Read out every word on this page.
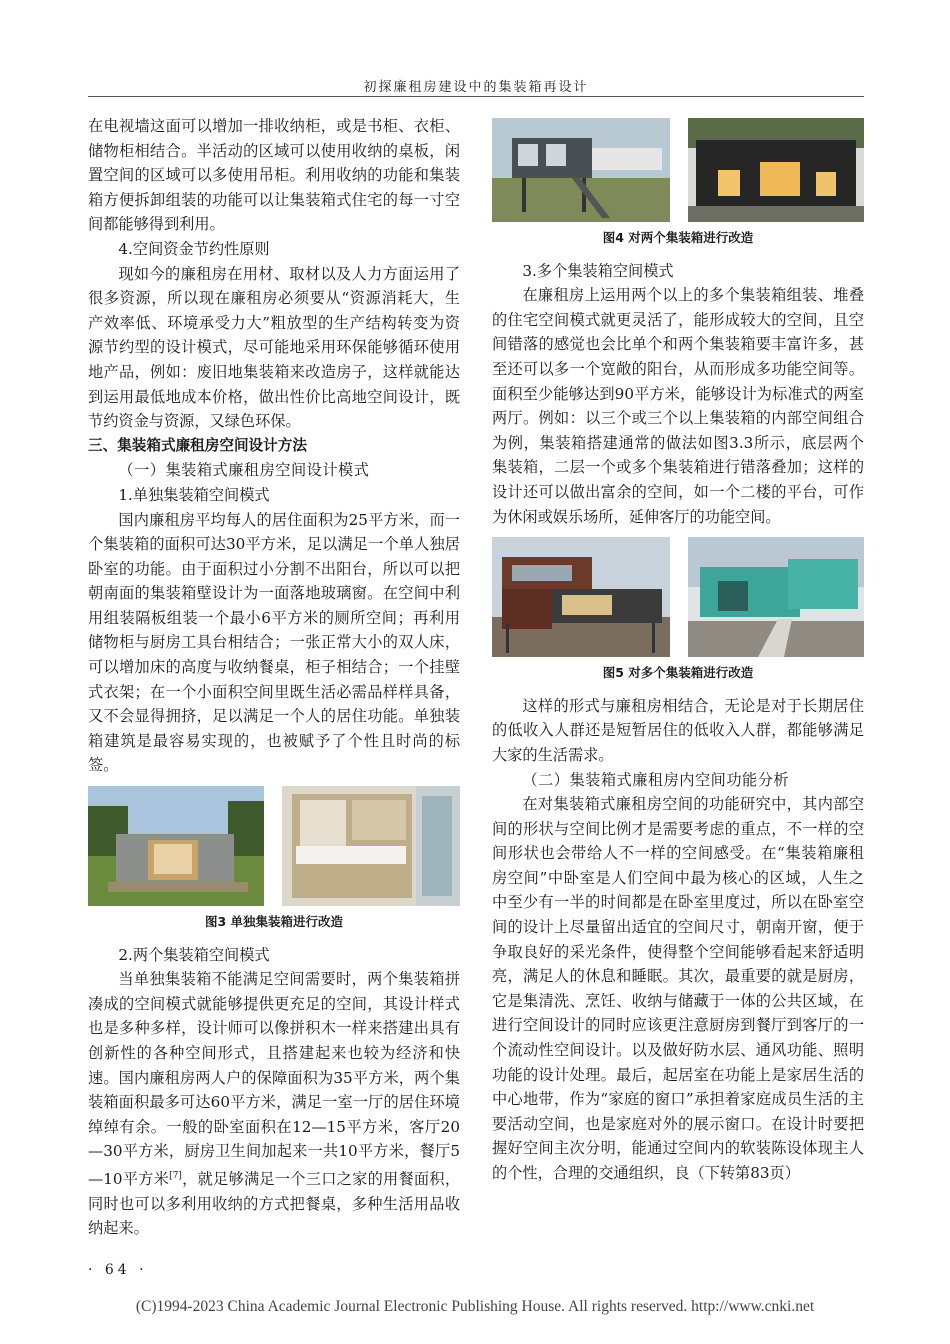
初探廉租房建设中的集装箱再设计

在电视墙这面可以增加一排收纳柜，或是书柜、衣柜、储物柜相结合。半活动的区域可以使用收纳的桌板，闲置空间的区域可以多使用吊柜。利用收纳的功能和集装箱方便拆卸组装的功能可以让集装箱式住宅的每一寸空间都能够得到利用。

4.空间资金节约性原则

现如今的廉租房在用材、取材以及人力方面运用了很多资源，所以现在廉租房必须要从“资源消耗大，生产效率低、环境承受力大”粗放型的生产结构转变为资源节约型的设计模式，尽可能地采用环保能够循环使用地产品，例如：废旧地集装箱来改造房子，这样就能达到运用最低地成本价格，做出性价比高地空间设计，既节约资金与资源，又绿色环保。

三、集装箱式廉租房空间设计方法

（一）集装箱式廉租房空间设计模式

1.单独集装箱空间模式

国内廉租房平均每人的居住面积为25平方米，而一个集装箱的面积可达30平方米，足以满足一个单人独居卧室的功能。由于面积过小分割不出阳台，所以可以把朝南面的集装箱壁设计为一面落地玻璃窗。在空间中利用组装隔板组装一个最小6平方米的厕所空间；再利用储物柜与厨房工具台相结合；一张正常大小的双人床，可以增加床的高度与收纳餐桌，柜子相结合；一个挂壁式衣架；在一个小面积空间里既生活必需品样样具备，又不会显得拥挤，足以满足一个人的居住功能。单独装箱建筑是最容易实现的，也被赋予了个性且时尚的标签。

图3 单独集装箱进行改造

2.两个集装箱空间模式

当单独集装箱不能满足空间需要时，两个集装箱拼凑成的空间模式就能够提供更充足的空间，其设计样式也是多种多样，设计师可以像拼积木一样来搭建出具有创新性的各种空间形式，且搭建起来也较为经济和快速。国内廉租房两人户的保障面积为35平方米，两个集装箱面积最多可达60平方米，满足一室一厅的居住环境绰绰有余。一般的卧室面积在12—15平方米，客厅20—30平方米，厨房卫生间加起来一共10平方米，餐厅5—10平方米[7]，就足够满足一个三口之家的用餐面积，同时也可以多利用收纳的方式把餐桌，多种生活用品收纳起来。

图4 对两个集装箱进行改造

3.多个集装箱空间模式

在廉租房上运用两个以上的多个集装箱组装、堆叠的住宅空间模式就更灵活了，能形成较大的空间，且空间错落的感觉也会比单个和两个集装箱要丰富许多，甚至还可以多一个宽敞的阳台，从而形成多功能空间等。面积至少能够达到90平方米，能够设计为标准式的两室两厅。例如：以三个或三个以上集装箱的内部空间组合为例，集装箱搭建通常的做法如图3.3所示，底层两个集装箱，二层一个或多个集装箱进行错落叠加；这样的设计还可以做出富余的空间，如一个二楼的平台，可作为休闲或娱乐场所，延伸客厅的功能空间。

图5 对多个集装箱进行改造

这样的形式与廉租房相结合，无论是对于长期居住的低收入人群还是短暂居住的低收入人群，都能够满足大家的生活需求。

（二）集装箱式廉租房内空间功能分析

在对集装箱式廉租房空间的功能研究中，其内部空间的形状与空间比例才是需要考虑的重点，不一样的空间形状也会带给人不一样的空间感受。在“集装箱廉租房空间”中卧室是人们空间中最为核心的区域，人生之中至少有一半的时间都是在卧室里度过，所以在卧室空间的设计上尽量留出适宜的空间尺寸，朝南开窗，便于争取良好的采光条件，使得整个空间能够看起来舒适明亮，满足人的休息和睡眠。其次，最重要的就是厨房，它是集清洗、烹饪、收纳与储藏于一体的公共区域，在进行空间设计的同时应该更注意厨房到餐厅到客厅的一个流动性空间设计。以及做好防水层、通风功能、照明功能的设计处理。最后，起居室在功能上是家居生活的中心地带，作为“家庭的窗口”承担着家庭成员生活的主要活动空间，也是家庭对外的展示窗口。在设计时要把握好空间主次分明，能通过空间内的软装陈设体现主人的个性，合理的交通组织，良（下转第83页）

· 64 ·
(C)1994-2023 China Academic Journal Electronic Publishing House. All rights reserved. http://www.cnki.net
